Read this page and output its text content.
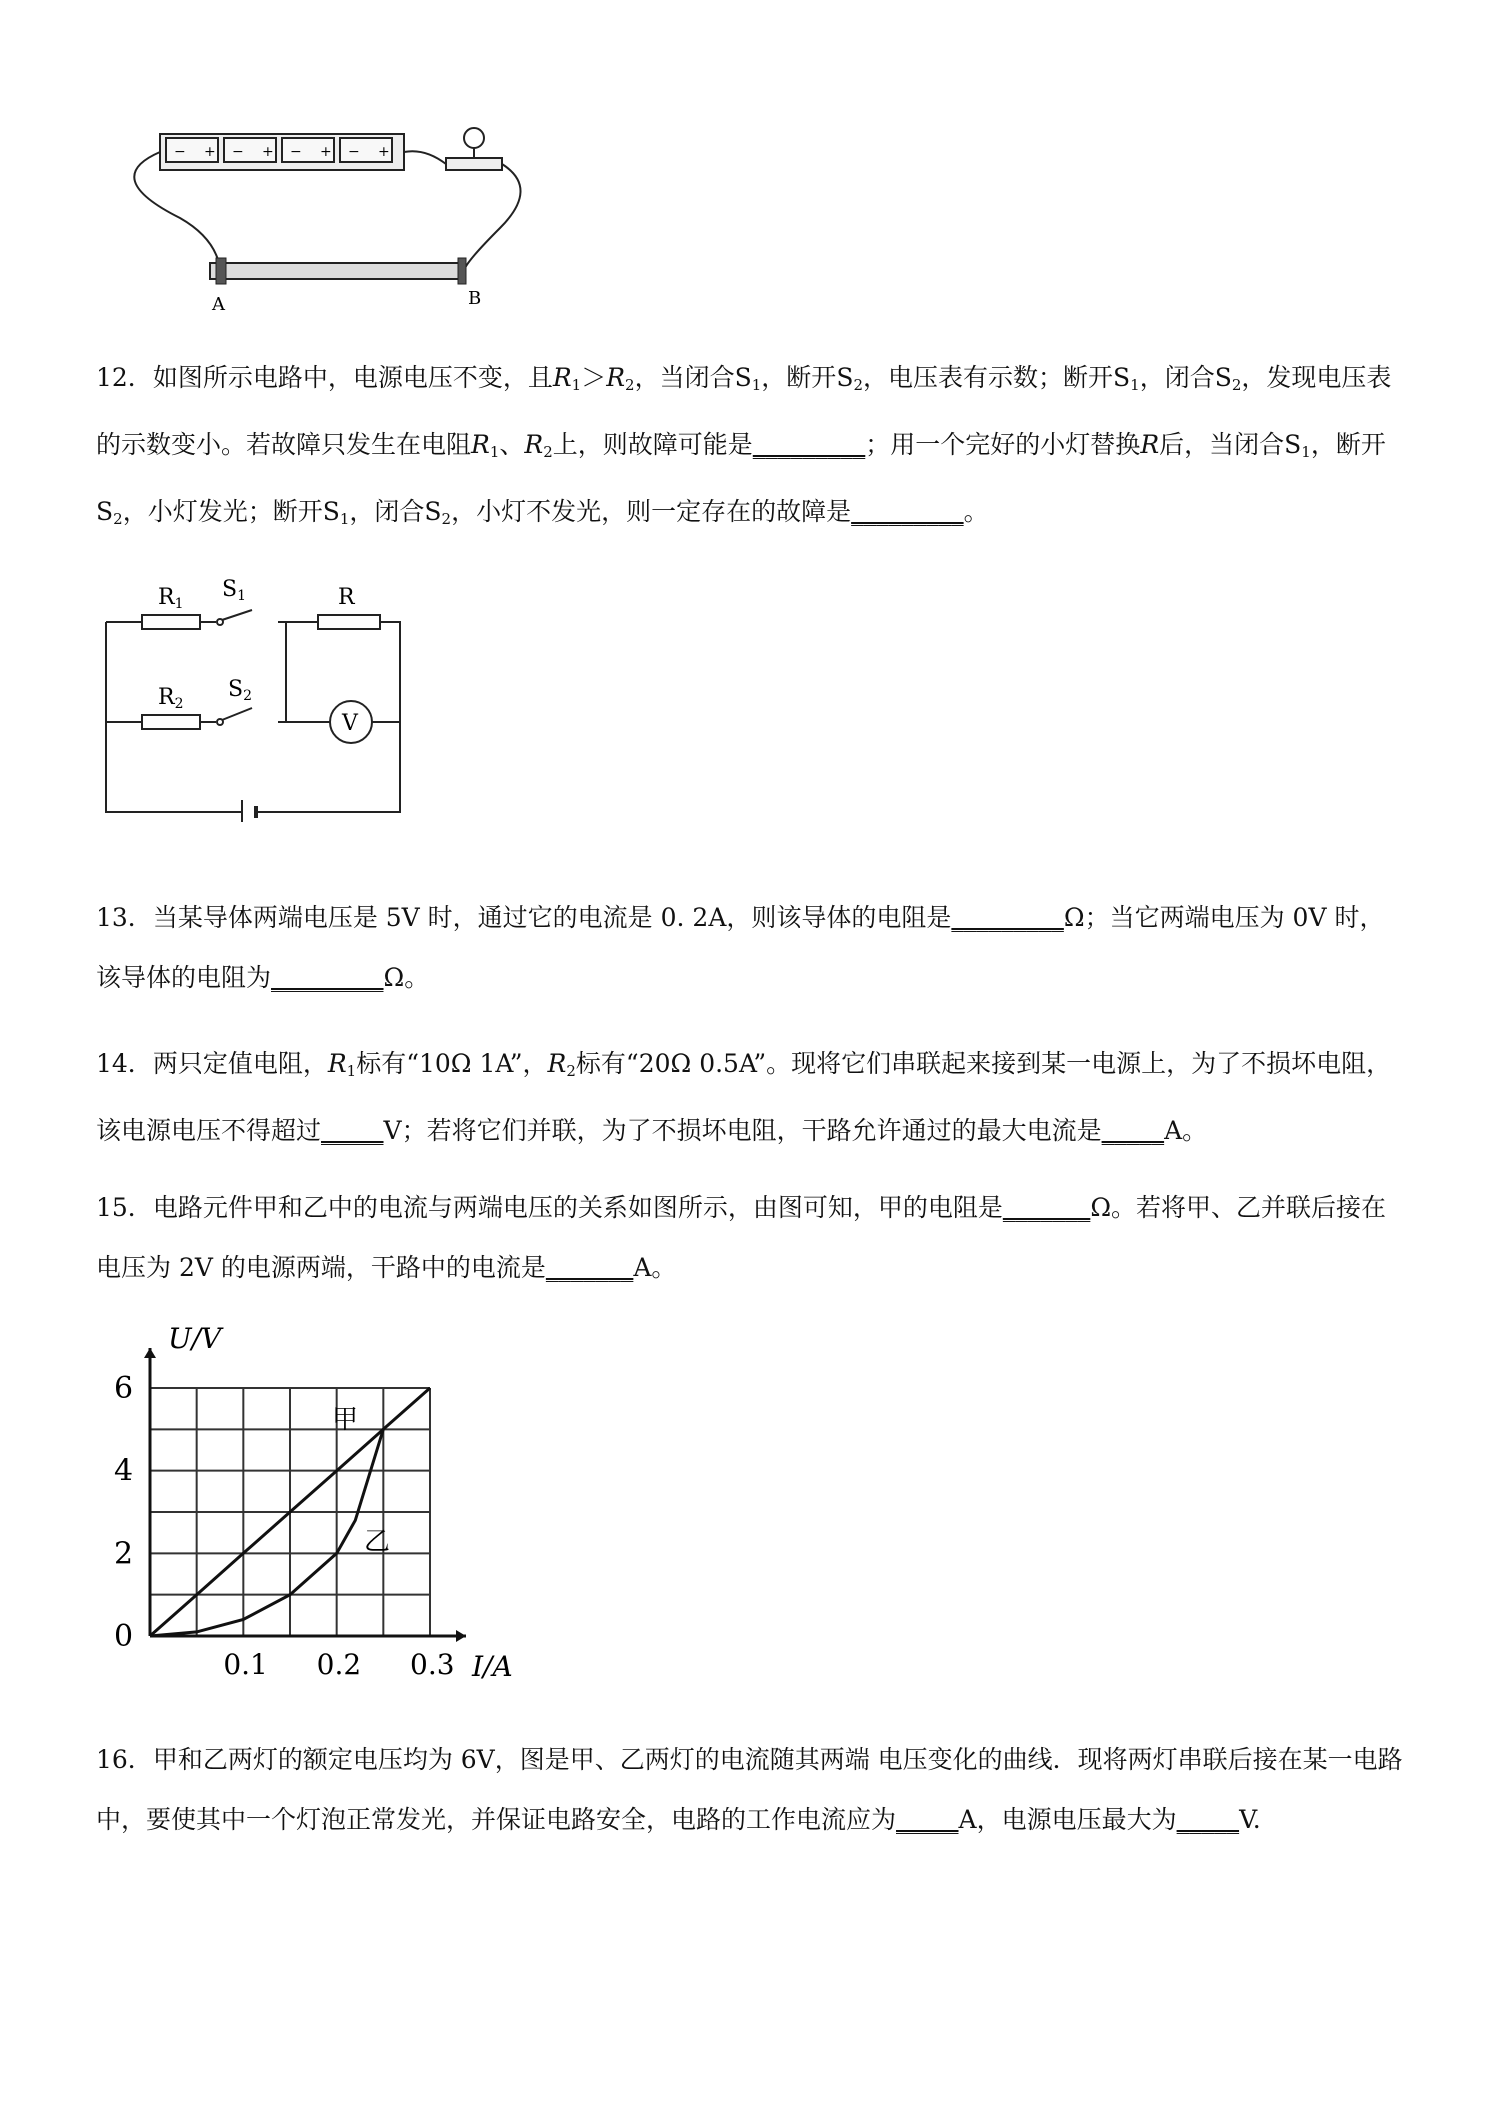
− + − + − + − +
A	B

12．如图所示电路中，电源电压不变，且$R_1>R_2$，当闭合$S_1$，断开$S_2$，电压表有示数；断开$S_1$，闭合$S_2$，发现电压表的示数变小。若故障只发生在电阻$R_1$、$R_2$上，则故障可能是_________；用一个完好的小灯替换R后，当闭合$S_1$，断开$S_2$，小灯发光；断开$S_1$，闭合$S_2$，小灯不发光，则一定存在的故障是_________。

V
R1
S1	R
R2
S2

13．当某导体两端电压是 5V 时，通过它的电流是 0. 2A，则该导体的电阻是_________Ω；当它两端电压为 0V 时，该导体的电阻为_________Ω。

14．两只定值电阻，$R_1$标有“10Ω 1A”，$R_2$标有“20Ω 0.5A”。现将它们串联起来接到某一电源上，为了不损坏电阻，该电源电压不得超过_____V；若将它们并联，为了不损坏电阻，干路允许通过的最大电流是_____A。

15．电路元件甲和乙中的电流与两端电压的关系如图所示，由图可知，甲的电阻是_______Ω。若将甲、乙并联后接在电压为 2V 的电源两端，干路中的电流是_______A。

0
2
4
6
0.1 0.2 0.3
U/V
I/A
甲
乙

16．甲和乙两灯的额定电压均为 6V，图是甲、乙两灯的电流随其两端 电压变化的曲线．现将两灯串联后接在某一电路中，要使其中一个灯泡正常发光，并保证电路安全，电路的工作电流应为_____A，电源电压最大为_____V.
